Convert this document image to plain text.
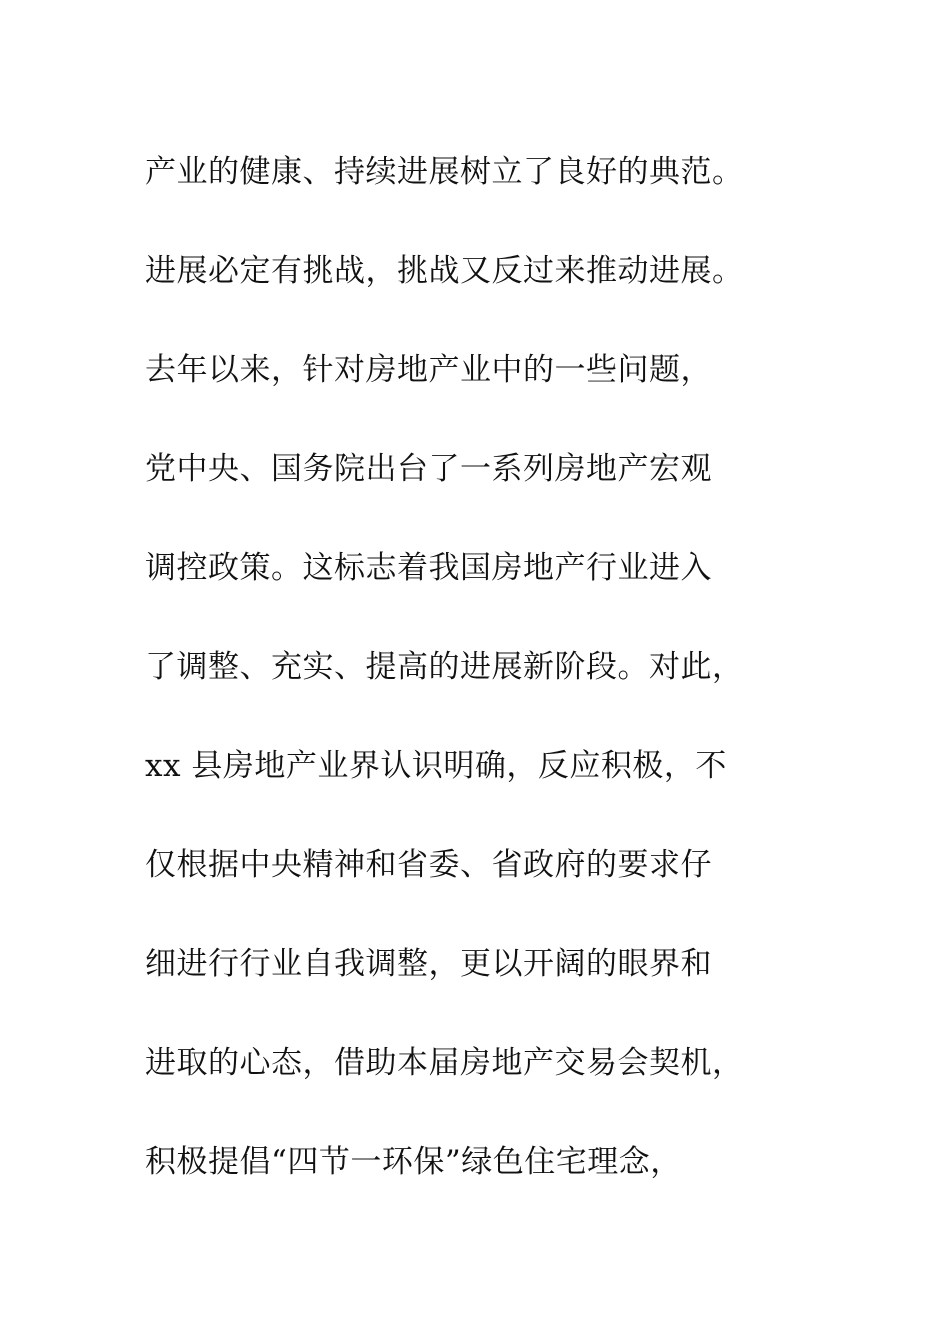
产业的健康、持续进展树立了良好的典范。
进展必定有挑战，挑战又反过来推动进展。
去年以来，针对房地产业中的一些问题，
党中央、国务院出台了一系列房地产宏观
调控政策。这标志着我国房地产行业进入
了调整、充实、提高的进展新阶段。对此，
xx 县房地产业界认识明确，反应积极，不
仅根据中央精神和省委、省政府的要求仔
细进行行业自我调整，更以开阔的眼界和
进取的心态，借助本届房地产交易会契机，
积极提倡“四节一环保”绿色住宅理念，
